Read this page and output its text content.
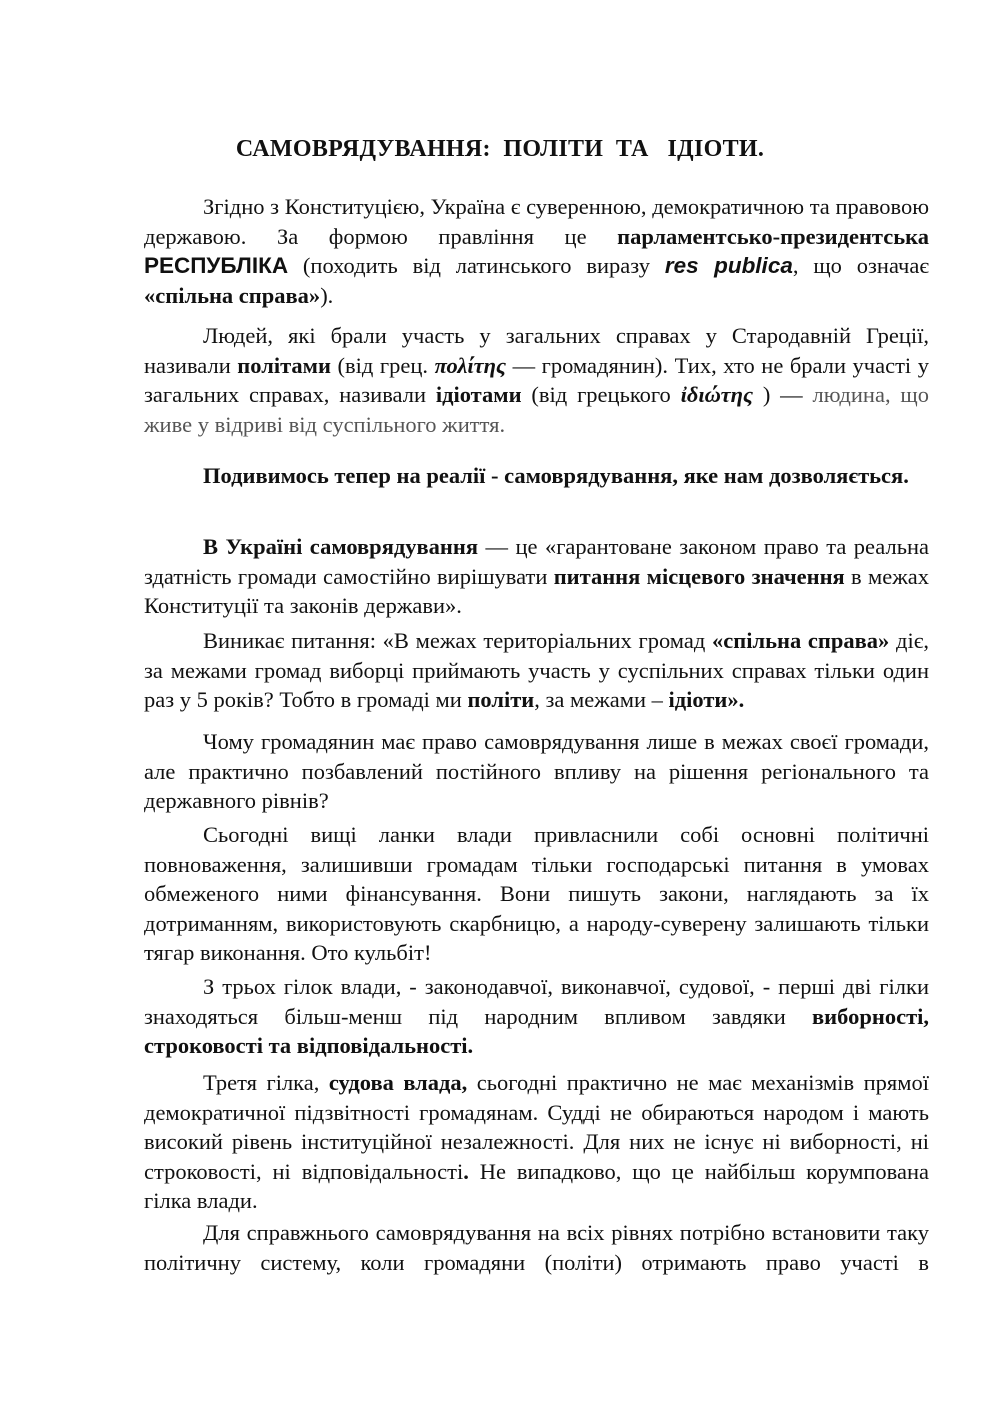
САМОВРЯДУВАННЯ:  ПОЛІТИ  ТА   ІДІОТИ.

Згідно з Конституцією, Україна є суверенною, демократичною та правовою державою. За формою правління це парламентсько-президентська РЕСПУБЛІКА (походить від латинського виразу res publica, що означає «спільна справа»).

Людей, які брали участь у загальних справах у Стародавній Греції, називали політами (від грец. πολίτης — громадянин). Тих, хто не брали участі у загальних справах, називали ідіотами (від грецького ἰδιώτης ) — людина, що живе у відриві від суспільного життя.

Подивимось тепер на реалії - самоврядування, яке нам дозволяється.

В Україні самоврядування — це «гарантоване законом право та реальна здатність громади самостійно вирішувати питання місцевого значення в межах Конституції та законів держави».

Виникає питання: «В межах територіальних громад «спільна справа» діє, за межами громад виборці приймають участь у суспільних справах тільки один раз у 5 років? Тобто в громаді ми політи, за межами – ідіоти».

Чому громадянин має право самоврядування лише в межах своєї громади, але практично позбавлений постійного впливу на рішення регіонального та державного рівнів?

Сьогодні вищі ланки влади привласнили собі основні політичні повноваження, залишивши громадам тільки господарські питання в умовах обмеженого ними фінансування. Вони пишуть закони, наглядають за їх дотриманням, використовують скарбницю, а народу-суверену залишають тільки тягар виконання. Ото кульбіт!

З трьох гілок влади, - законодавчої, виконавчої, судової, - перші дві гілки знаходяться більш-менш під народним впливом завдяки виборності, строковості та відповідальності.

Третя гілка, судова влада, сьогодні практично не має механізмів прямої демократичної підзвітності громадянам. Судді не обираються народом і мають високий рівень інституційної незалежності. Для них не існує ні виборності, ні строковості, ні відповідальності. Не випадково, що це найбільш корумпована гілка влади.

Для справжнього самоврядування на всіх рівнях потрібно встановити таку політичну систему, коли громадяни (політи) отримають право участі в
